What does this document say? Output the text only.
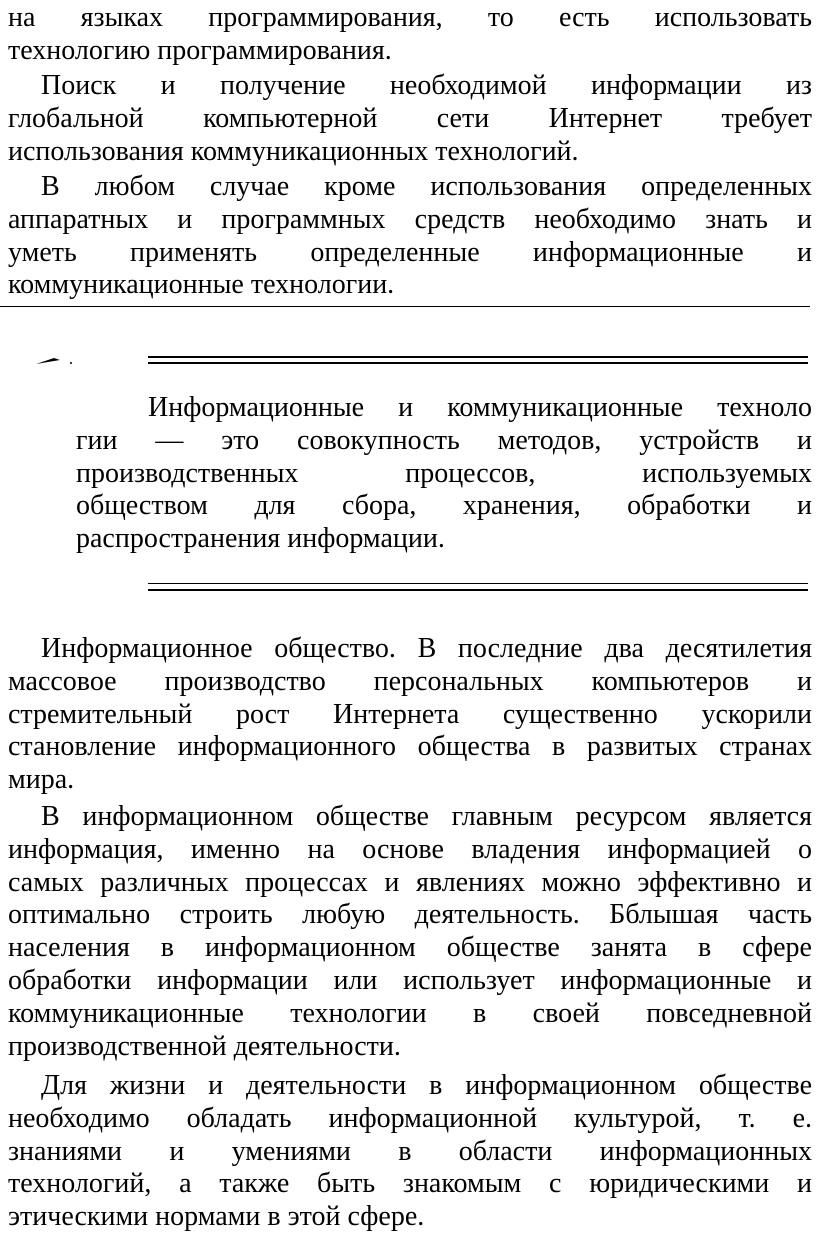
на языках программирования, то есть использовать
технологию программирования.
Поиск и получение необходимой информации из
глобальной компьютерной сети Интернет требует
использования коммуникационных технологий.
В любом случае кроме использования определенных
аппаратных и программных средств необходимо знать и
уметь применять определенные информационные и
коммуникационные технологии.
Информационные и коммуникационные техноло
гии — это совокупность методов, устройств и
производственных процессов, используемых
обществом для сбора, хранения, обработки и
распространения информации.
Информационное общество. В последние два десятилетия
массовое производство персональных компьютеров и
стремительный рост Интернета существенно ускорили
становление информационного общества в развитых странах
мира.
В информационном обществе главным ресурсом является
информация, именно на основе владения информацией о
самых различных процессах и явлениях можно эффективно и
оптимально строить любую деятельность. Бблышая часть
населения в информационном обществе занята в сфере
обработки информации или использует информационные и
коммуникационные технологии в своей повседневной
производственной деятельности.
Для жизни и деятельности в информационном обществе
необходимо обладать информационной культурой, т. е.
знаниями и умениями в области информационных
технологий, а также быть знакомым с юридическими и
этическими нормами в этой сфере.
